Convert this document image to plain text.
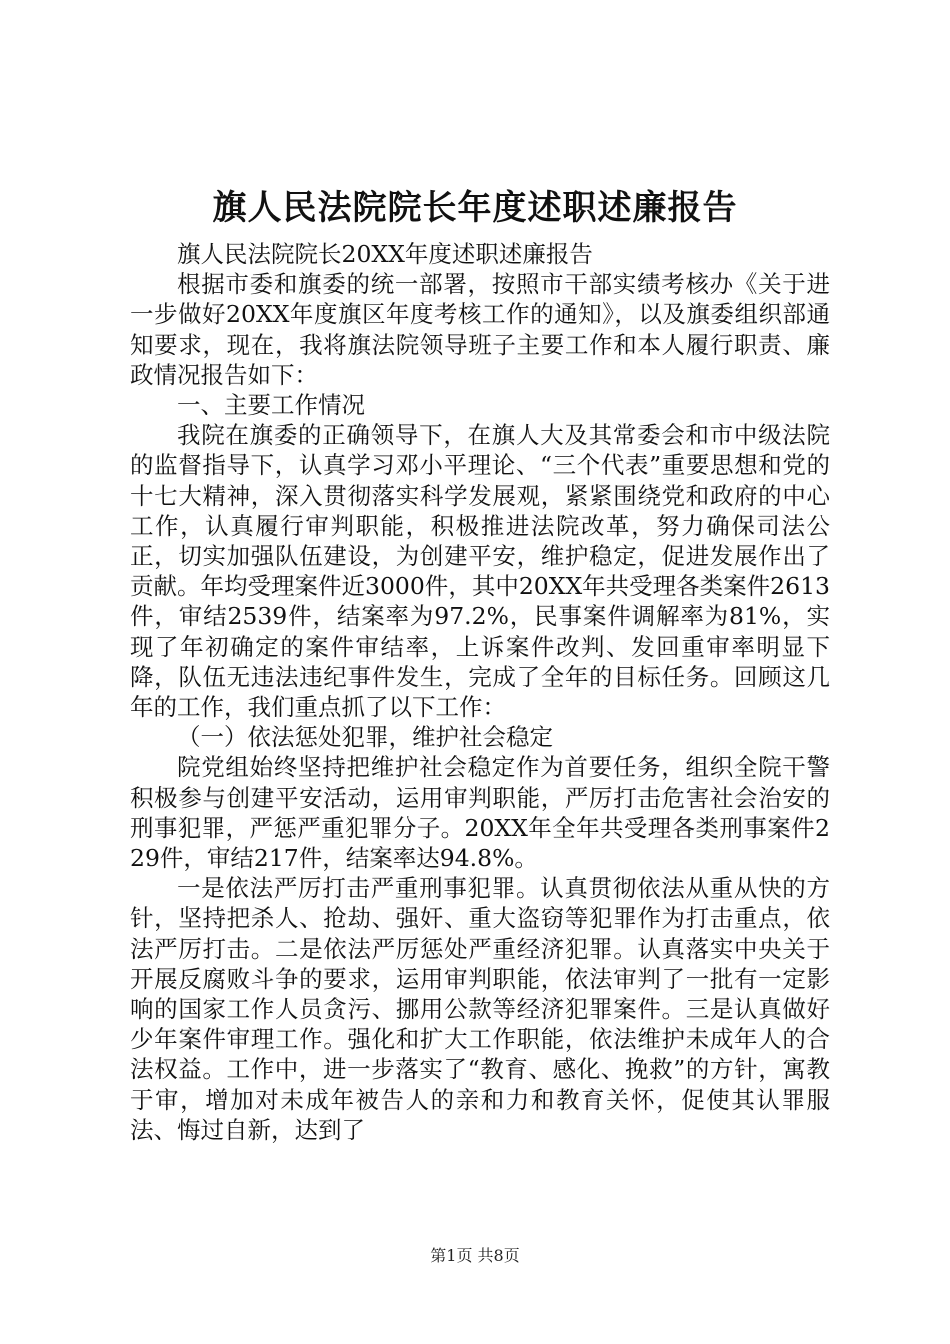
旗人民法院院长年度述职述廉报告

旗人民法院院长20XX年度述职述廉报告

根据市委和旗委的统一部署，按照市干部实绩考核办《关于进一步做好20XX年度旗区年度考核工作的通知》，以及旗委组织部通知要求，现在，我将旗法院领导班子主要工作和本人履行职责、廉政情况报告如下：

一、主要工作情况

我院在旗委的正确领导下，在旗人大及其常委会和市中级法院的监督指导下，认真学习邓小平理论、“三个代表”重要思想和党的十七大精神，深入贯彻落实科学发展观，紧紧围绕党和政府的中心工作，认真履行审判职能，积极推进法院改革，努力确保司法公正，切实加强队伍建设，为创建平安，维护稳定，促进发展作出了贡献。年均受理案件近3000件，其中20XX年共受理各类案件2613件，审结2539件，结案率为97.2%，民事案件调解率为81%，实现了年初确定的案件审结率，上诉案件改判、发回重审率明显下降，队伍无违法违纪事件发生，完成了全年的目标任务。回顾这几年的工作，我们重点抓了以下工作：

（一）依法惩处犯罪，维护社会稳定

院党组始终坚持把维护社会稳定作为首要任务，组织全院干警积极参与创建平安活动，运用审判职能，严厉打击危害社会治安的刑事犯罪，严惩严重犯罪分子。20XX年全年共受理各类刑事案件229件，审结217件，结案率达94.8%。

一是依法严厉打击严重刑事犯罪。认真贯彻依法从重从快的方针，坚持把杀人、抢劫、强奸、重大盗窃等犯罪作为打击重点，依法严厉打击。二是依法严厉惩处严重经济犯罪。认真落实中央关于开展反腐败斗争的要求，运用审判职能，依法审判了一批有一定影响的国家工作人员贪污、挪用公款等经济犯罪案件。三是认真做好少年案件审理工作。强化和扩大工作职能，依法维护未成年人的合法权益。工作中，进一步落实了“教育、感化、挽救”的方针，寓教于审，增加对未成年被告人的亲和力和教育关怀，促使其认罪服法、悔过自新，达到了

第1页 共8页
